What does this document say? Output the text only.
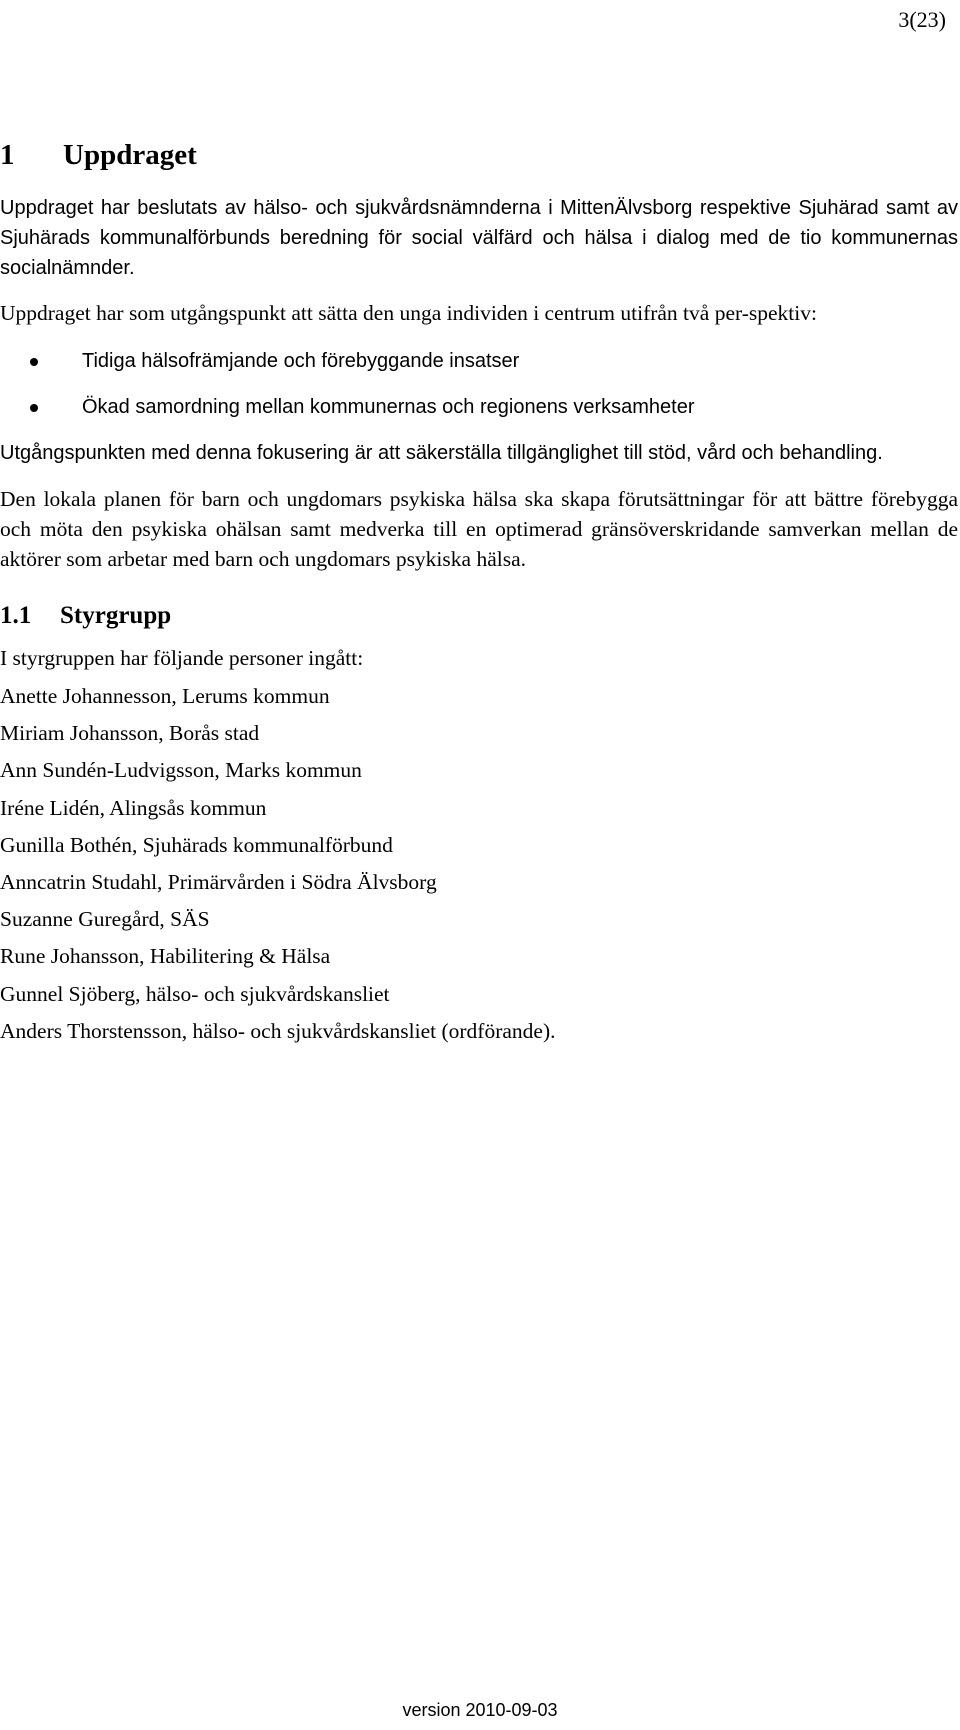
3(23)
1 Uppdraget

Uppdraget har beslutats av hälso- och sjukvårdsnämnderna i MittenÄlvsborg respektive Sjuhärad samt av Sjuhärads kommunalförbunds beredning för social välfärd och hälsa i dialog med de tio kommunernas socialnämnder.

Uppdraget har som utgångspunkt att sätta den unga individen i centrum utifrån två per-spektiv:

Tidiga hälsofrämjande och förebyggande insatser
Ökad samordning mellan kommunernas och regionens verksamheter

Utgångspunkten med denna fokusering är att säkerställa tillgänglighet till stöd, vård och behandling.

Den lokala planen för barn och ungdomars psykiska hälsa ska skapa förutsättningar för att bättre förebygga och möta den psykiska ohälsan samt medverka till en optimerad gränsöverskridande samverkan mellan de aktörer som arbetar med barn och ungdomars psykiska hälsa.

1.1 Styrgrupp

I styrgruppen har följande personer ingått:

Anette Johannesson, Lerums kommun
Miriam Johansson, Borås stad
Ann Sundén-Ludvigsson, Marks kommun
Iréne Lidén, Alingsås kommun
Gunilla Bothén, Sjuhärads kommunalförbund
Anncatrin Studahl, Primärvården i Södra Älvsborg
Suzanne Guregård, SÄS
Rune Johansson, Habilitering & Hälsa
Gunnel Sjöberg, hälso- och sjukvårdskansliet
Anders Thorstensson, hälso- och sjukvårdskansliet (ordförande).
version 2010-09-03
